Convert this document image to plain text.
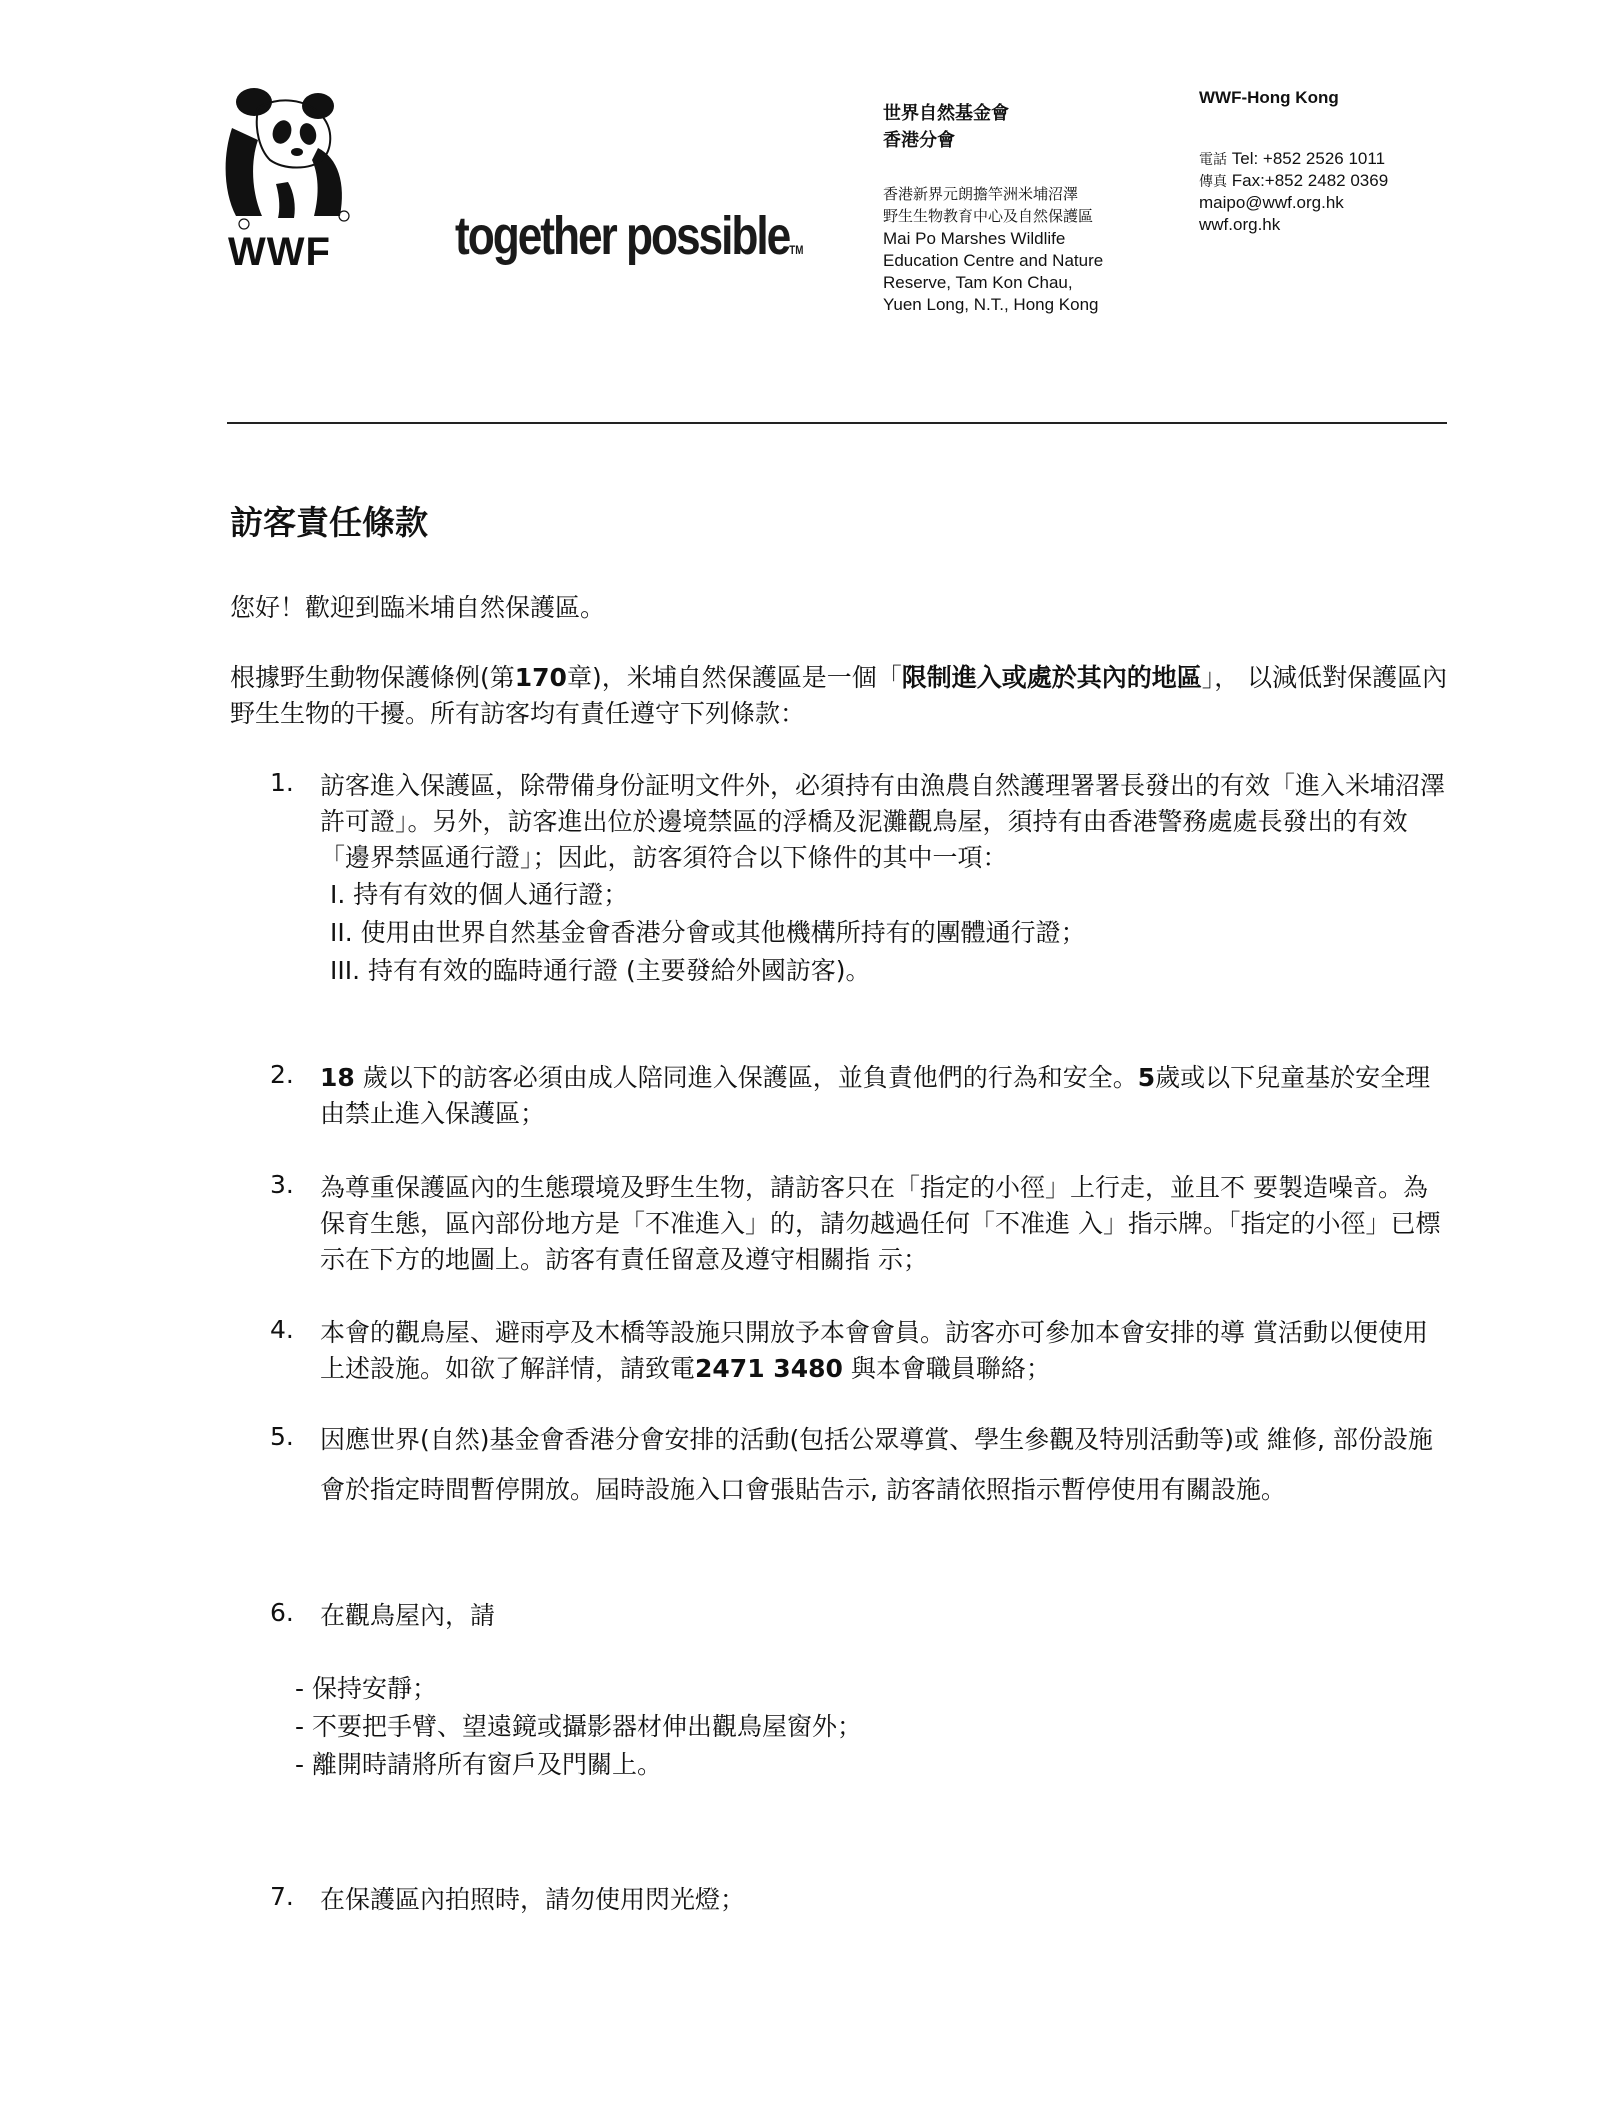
WWF together possibleTM
世界自然基金會
香港分會
香港新界元朗擔竿洲米埔沼澤
野生生物教育中心及自然保護區
Mai Po Marshes Wildlife
Education Centre and Nature
Reserve, Tam Kon Chau,
Yuen Long, N.T., Hong Kong
WWF-Hong Kong
電話 Tel: +852 2526 1011
傳真 Fax:+852 2482 0369
maipo@wwf.org.hk
wwf.org.hk
訪客責任條款
您好！歡迎到臨米埔自然保護區。
根據野生動物保護條例(第170章)，米埔自然保護區是一個「限制進入或處於其內的地區」， 以減低對保護區內野生生物的干擾。所有訪客均有責任遵守下列條款：
1.	訪客進入保護區，除帶備身份証明文件外，必須持有由漁農自然護理署署長發出的有效「進入米埔沼澤許可證」。另外，訪客進出位於邊境禁區的浮橋及泥灘觀鳥屋，須持有由香港警務處處長發出的有效「邊界禁區通行證」；因此，訪客須符合以下條件的其中一項：
I. 持有有效的個人通行證；
II. 使用由世界自然基金會香港分會或其他機構所持有的團體通行證；
III. 持有有效的臨時通行證 (主要發給外國訪客)。
2.	18 歲以下的訪客必須由成人陪同進入保護區，並負責他們的行為和安全。5歲或以下兒童基於安全理由禁止進入保護區；
3.	為尊重保護區內的生態環境及野生生物，請訪客只在「指定的小徑」上行走，並且不 要製造噪音。為保育生態，區內部份地方是「不准進入」的，請勿越過任何「不准進 入」指示牌。「指定的小徑」已標示在下方的地圖上。訪客有責任留意及遵守相關指 示；
4.	本會的觀鳥屋、避雨亭及木橋等設施只開放予本會會員。訪客亦可參加本會安排的導 賞活動以便使用上述設施。如欲了解詳情，請致電2471 3480 與本會職員聯絡；
5.	因應世界(自然)基金會香港分會安排的活動(包括公眾導賞、學生參觀及特別活動等)或 維修, 部份設施會於指定時間暫停開放。屆時設施入口會張貼告示, 訪客請依照指示暫停使用有關設施。
6.	在觀鳥屋內，請
- 保持安靜；
- 不要把手臂、望遠鏡或攝影器材伸出觀鳥屋窗外；
- 離開時請將所有窗戶及門關上。
7.	在保護區內拍照時，請勿使用閃光燈；
